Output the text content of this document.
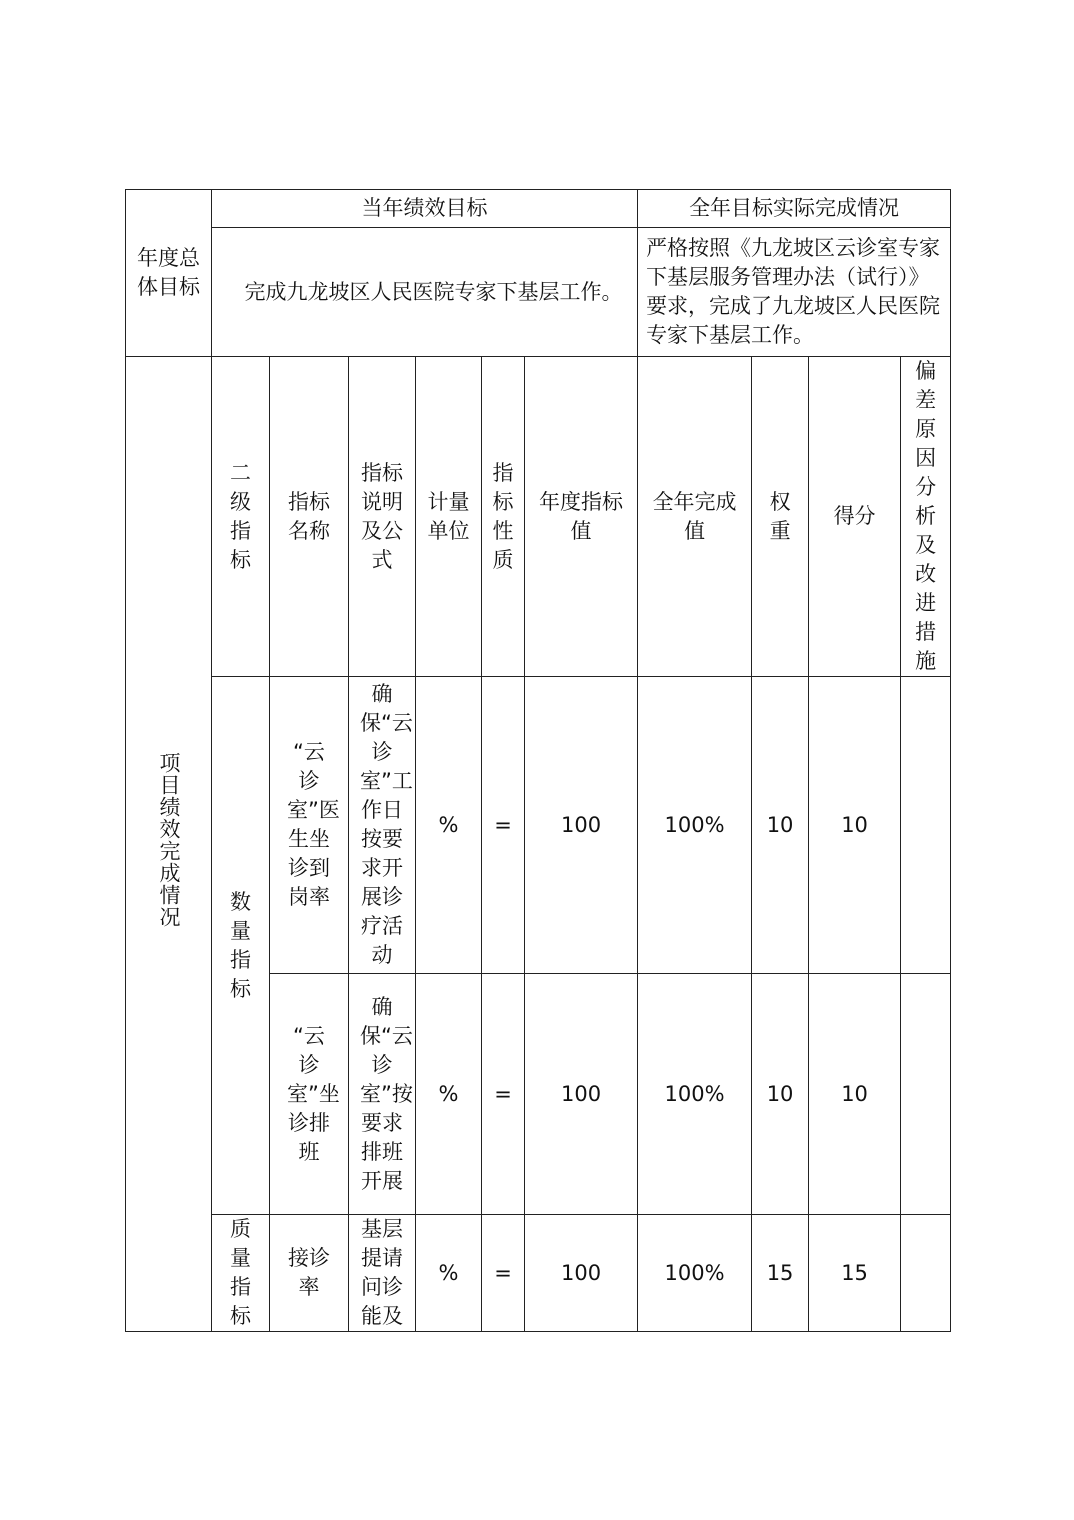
年度总体目标	当年绩效目标						全年目标实际完成情况			
	完成九龙坡区人民医院专家下基层工作。						严格按照《九龙坡区云诊室专家下基层服务管理办法（试行）》要求，完成了九龙坡区人民医院专家下基层工作。			
项目绩效完成情况	二级指标	指标名称	指标说明及公式	计量单位	指标性质	年度指标值	全年完成值	权重	得分	偏差原因分析及改进措施
	数量指标	“云诊室”医生坐诊到岗率	确保“云诊室”工作日按要求开展诊疗活动	%	=	100	100%	10	10	
		“云诊室”坐诊排班	确保“云诊室”按要求排班开展	%	=	100	100%	10	10	
	质量指标	接诊率	基层提请问诊能及	%	=	100	100%	15	15	
